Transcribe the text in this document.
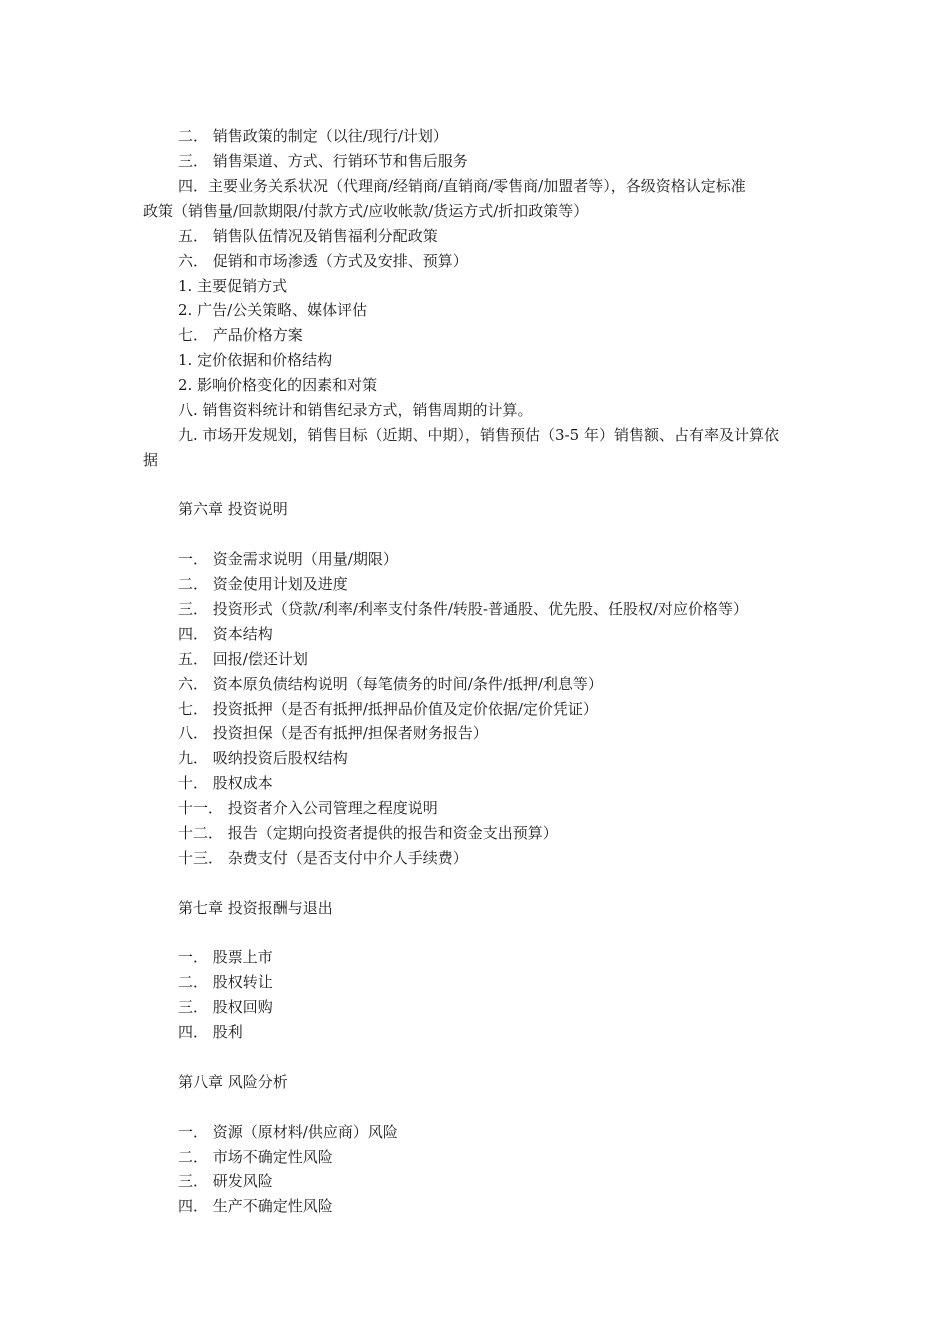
二． 销售政策的制定（以往/现行/计划）
三． 销售渠道、方式、行销环节和售后服务
四．主要业务关系状况（代理商/经销商/直销商/零售商/加盟者等），各级资格认定标准
政策（销售量/回款期限/付款方式/应收帐款/货运方式/折扣政策等）
五． 销售队伍情况及销售福利分配政策
六． 促销和市场渗透（方式及安排、预算）
1. 主要促销方式
2. 广告/公关策略、媒体评估
七． 产品价格方案
1. 定价依据和价格结构
2. 影响价格变化的因素和对策
八. 销售资料统计和销售纪录方式，销售周期的计算。
九. 市场开发规划，销售目标（近期、中期），销售预估（3-5 年）销售额、占有率及计算依
据
第六章 投资说明
一． 资金需求说明（用量/期限）
二． 资金使用计划及进度
三． 投资形式（贷款/利率/利率支付条件/转股-普通股、优先股、任股权/对应价格等）
四． 资本结构
五． 回报/偿还计划
六． 资本原负债结构说明（每笔债务的时间/条件/抵押/利息等）
七． 投资抵押（是否有抵押/抵押品价值及定价依据/定价凭证）
八． 投资担保（是否有抵押/担保者财务报告）
九． 吸纳投资后股权结构
十． 股权成本
十一． 投资者介入公司管理之程度说明
十二． 报告（定期向投资者提供的报告和资金支出预算）
十三． 杂费支付（是否支付中介人手续费）
第七章 投资报酬与退出
一． 股票上市
二． 股权转让
三． 股权回购
四． 股利
第八章 风险分析
一． 资源（原材料/供应商）风险
二． 市场不确定性风险
三． 研发风险
四． 生产不确定性风险
